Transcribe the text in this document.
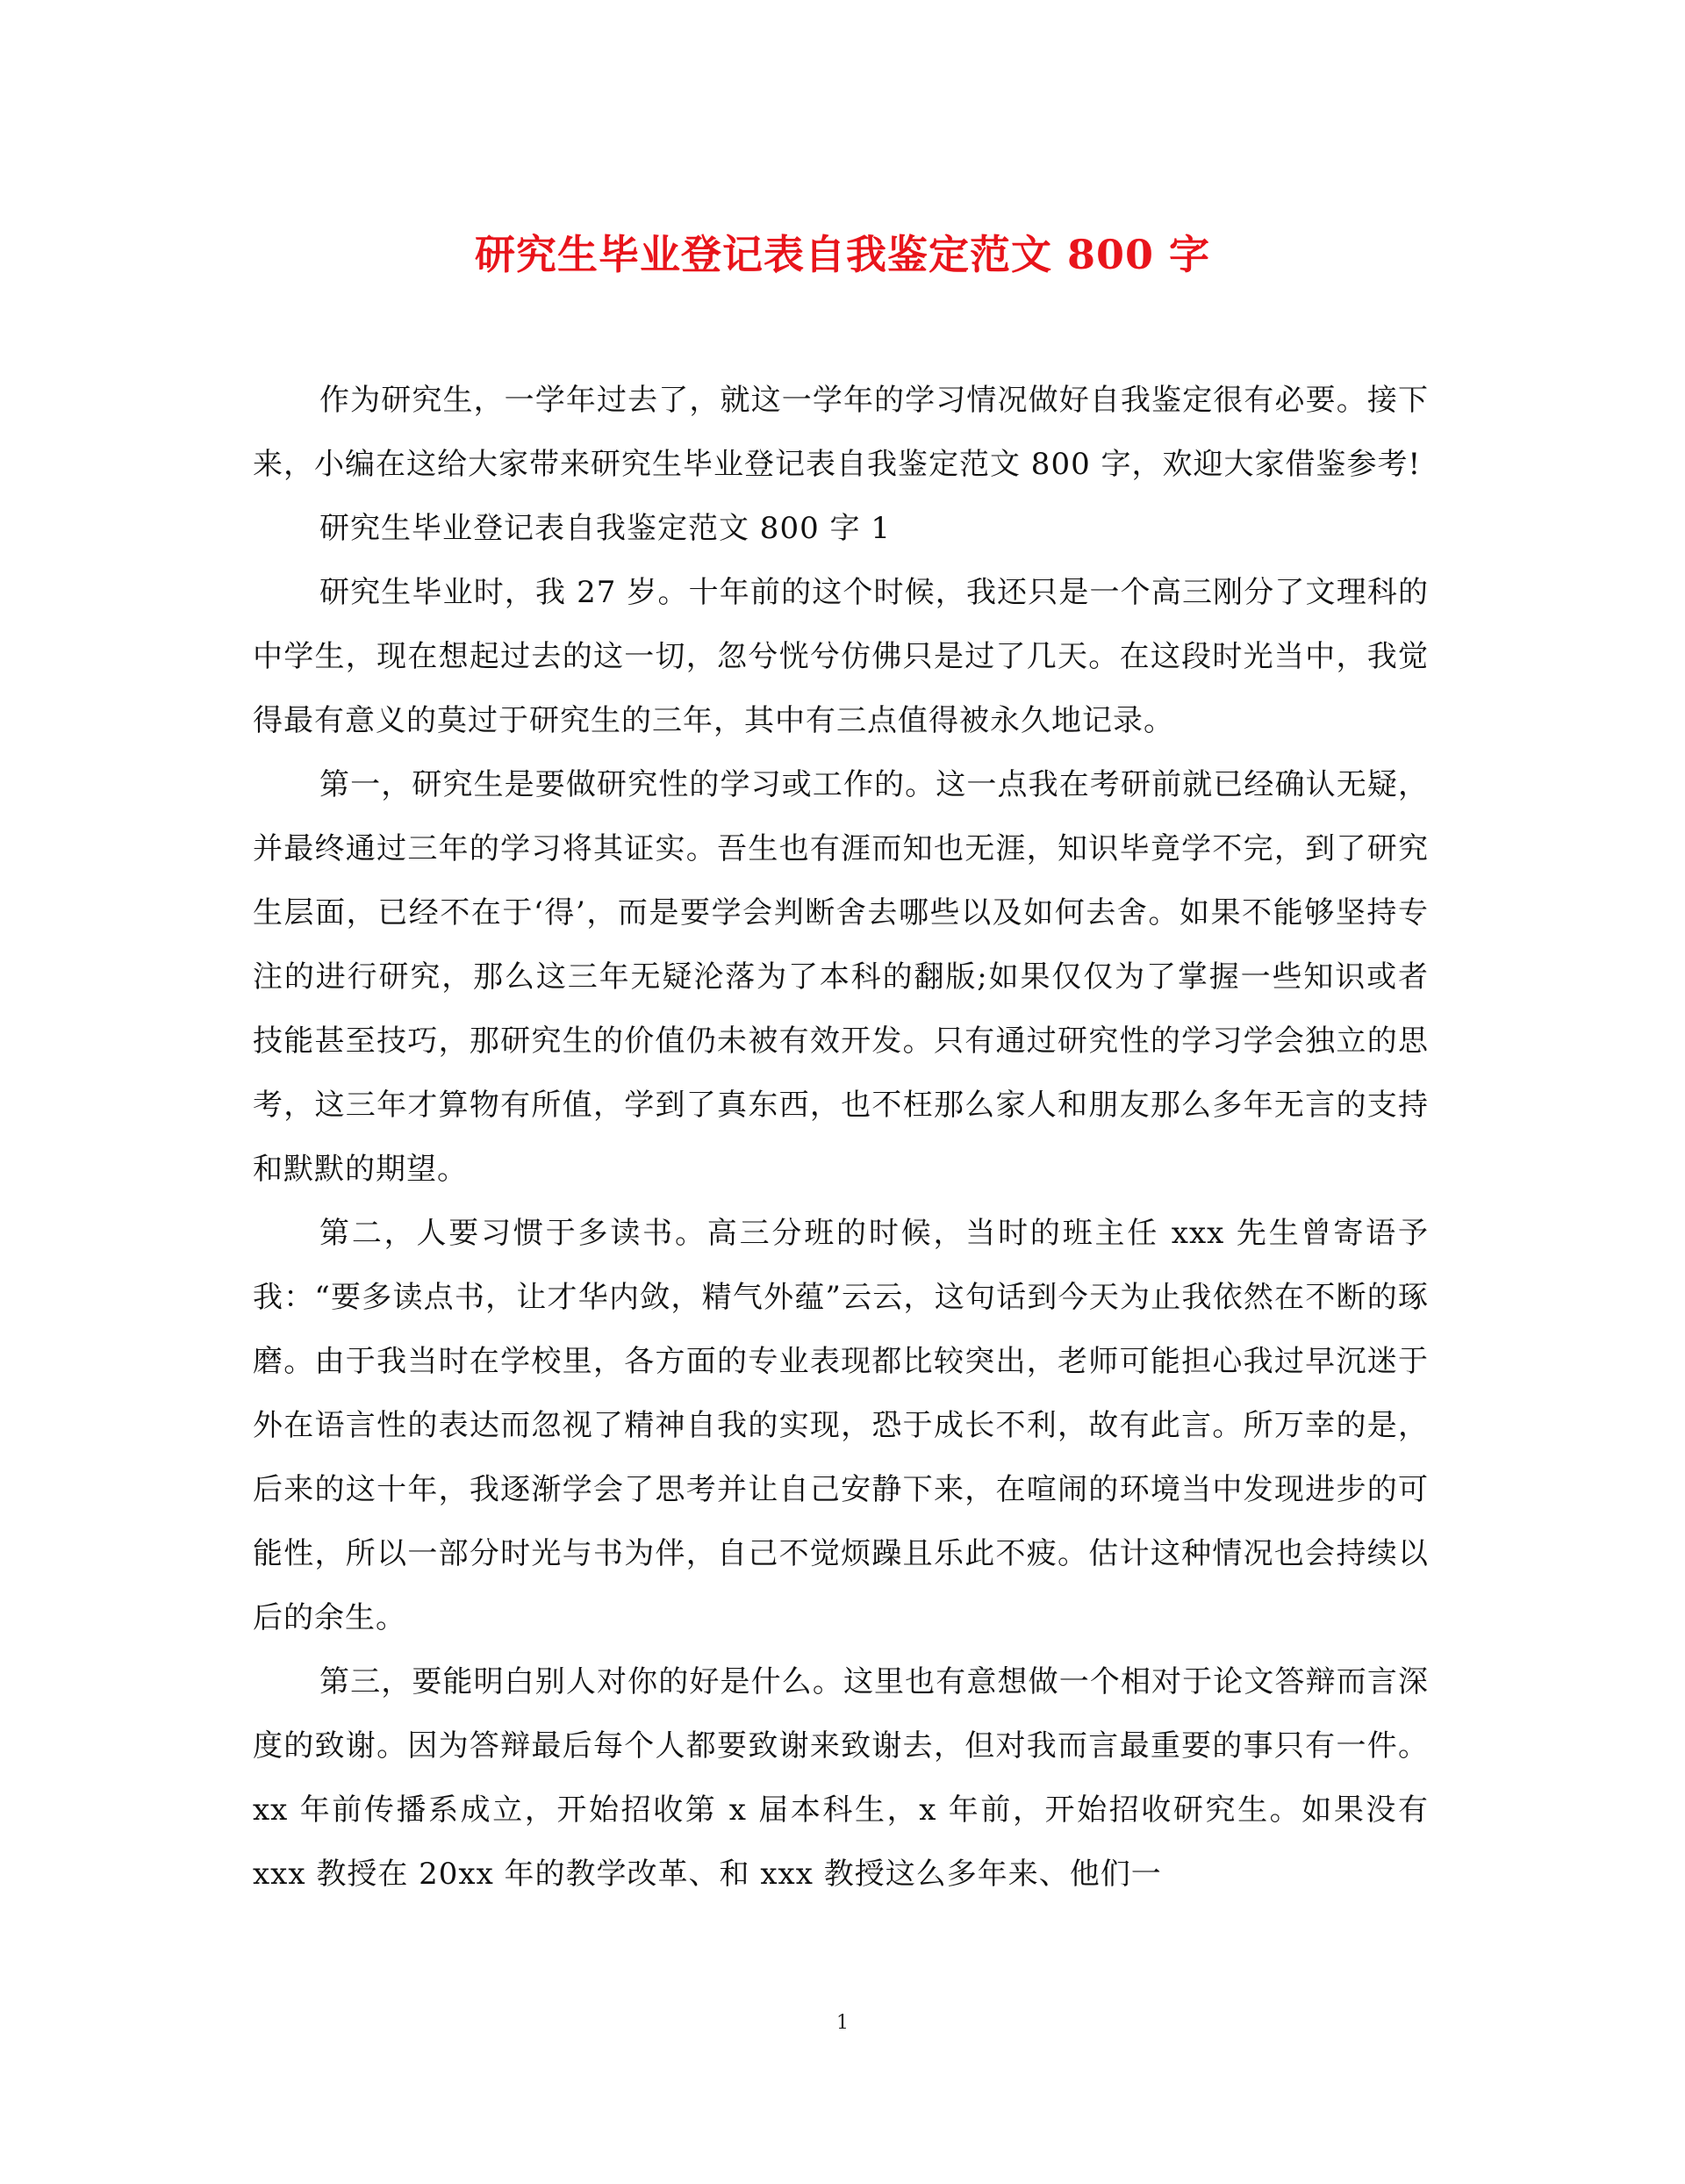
研究生毕业登记表自我鉴定范文 800 字

作为研究生，一学年过去了，就这一学年的学习情况做好自我鉴定很有必要。接下来，小编在这给大家带来研究生毕业登记表自我鉴定范文 800 字，欢迎大家借鉴参考!

研究生毕业登记表自我鉴定范文 800 字 1

研究生毕业时，我 27 岁。十年前的这个时候，我还只是一个高三刚分了文理科的中学生，现在想起过去的这一切，忽兮恍兮仿佛只是过了几天。在这段时光当中，我觉得最有意义的莫过于研究生的三年，其中有三点值得被永久地记录。

第一，研究生是要做研究性的学习或工作的。这一点我在考研前就已经确认无疑，并最终通过三年的学习将其证实。吾生也有涯而知也无涯，知识毕竟学不完，到了研究生层面，已经不在于‘得’，而是要学会判断舍去哪些以及如何去舍。如果不能够坚持专注的进行研究，那么这三年无疑沦落为了本科的翻版;如果仅仅为了掌握一些知识或者技能甚至技巧，那研究生的价值仍未被有效开发。只有通过研究性的学习学会独立的思考，这三年才算物有所值，学到了真东西，也不枉那么家人和朋友那么多年无言的支持和默默的期望。

第二，人要习惯于多读书。高三分班的时候，当时的班主任 xxx 先生曾寄语予我：“要多读点书，让才华内敛，精气外蕴”云云，这句话到今天为止我依然在不断的琢磨。由于我当时在学校里，各方面的专业表现都比较突出，老师可能担心我过早沉迷于外在语言性的表达而忽视了精神自我的实现，恐于成长不利，故有此言。所万幸的是，后来的这十年，我逐渐学会了思考并让自己安静下来，在喧闹的环境当中发现进步的可能性，所以一部分时光与书为伴，自己不觉烦躁且乐此不疲。估计这种情况也会持续以后的余生。

第三，要能明白别人对你的好是什么。这里也有意想做一个相对于论文答辩而言深度的致谢。因为答辩最后每个人都要致谢来致谢去，但对我而言最重要的事只有一件。xx 年前传播系成立，开始招收第 x 届本科生，x 年前，开始招收研究生。如果没有 xxx 教授在 20xx 年的教学改革、和 xxx 教授这么多年来、他们一

1
